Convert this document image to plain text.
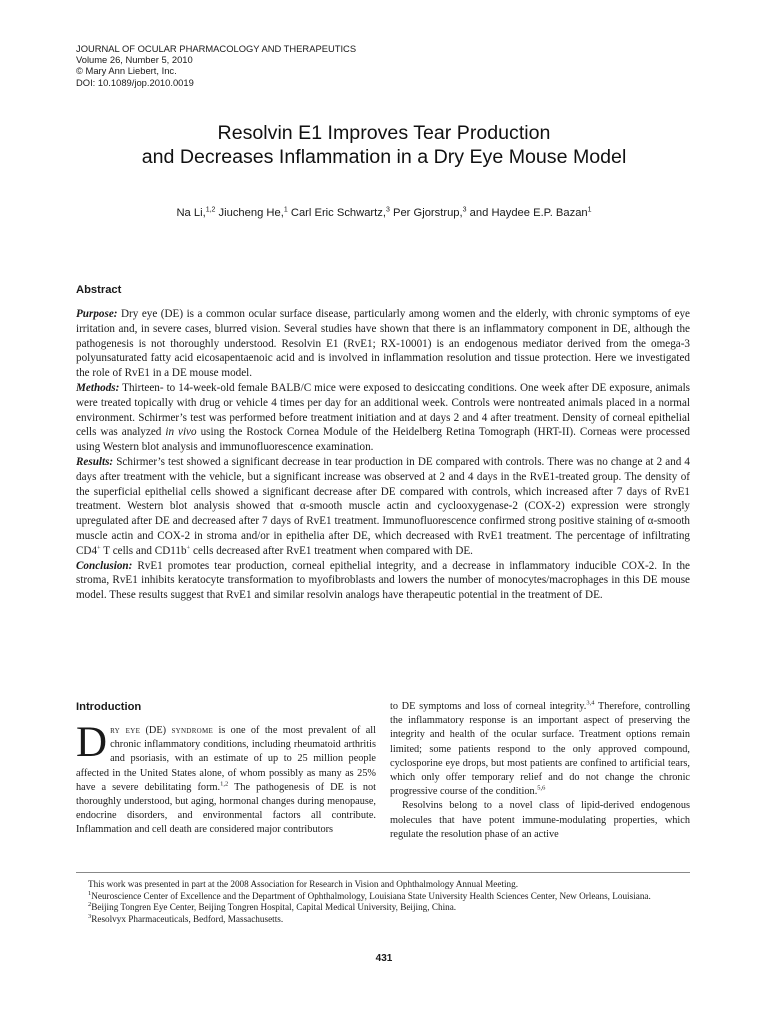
JOURNAL OF OCULAR PHARMACOLOGY AND THERAPEUTICS
Volume 26, Number 5, 2010
© Mary Ann Liebert, Inc.
DOI: 10.1089/jop.2010.0019
Resolvin E1 Improves Tear Production
and Decreases Inflammation in a Dry Eye Mouse Model
Na Li,$^{1,2}$ Jiucheng He,$^1$ Carl Eric Schwartz,$^3$ Per Gjorstrup,$^3$ and Haydee E.P. Bazan$^1$
Abstract

Purpose: Dry eye (DE) is a common ocular surface disease, particularly among women and the elderly, with chronic symptoms of eye irritation and, in severe cases, blurred vision. Several studies have shown that there is an inflammatory component in DE, although the pathogenesis is not thoroughly understood. Resolvin E1 (RvE1; RX-10001) is an endogenous mediator derived from the omega-3 polyunsaturated fatty acid eicosapentaenoic acid and is involved in inflammation resolution and tissue protection. Here we investigated the role of RvE1 in a DE mouse model.

Methods: Thirteen- to 14-week-old female BALB/C mice were exposed to desiccating conditions. One week after DE exposure, animals were treated topically with drug or vehicle 4 times per day for an additional week. Controls were nontreated animals placed in a normal environment. Schirmer’s test was performed before treatment initiation and at days 2 and 4 after treatment. Density of corneal epithelial cells was analyzed in vivo using the Rostock Cornea Module of the Heidelberg Retina Tomograph (HRT-II). Corneas were processed using Western blot analysis and immunofluorescence examination.

Results: Schirmer’s test showed a significant decrease in tear production in DE compared with controls. There was no change at 2 and 4 days after treatment with the vehicle, but a significant increase was observed at 2 and 4 days in the RvE1-treated group. The density of the superficial epithelial cells showed a significant decrease after DE compared with controls, which increased after 7 days of RvE1 treatment. Western blot analysis showed that α-smooth muscle actin and cyclooxygenase-2 (COX-2) expression were strongly upregulated after DE and decreased after 7 days of RvE1 treatment. Immunofluorescence confirmed strong positive staining of α-smooth muscle actin and COX-2 in stroma and/or in epithelia after DE, which decreased with RvE1 treatment. The percentage of infiltrating CD4+ T cells and CD11b+ cells decreased after RvE1 treatment when compared with DE.

Conclusion: RvE1 promotes tear production, corneal epithelial integrity, and a decrease in inflammatory inducible COX-2. In the stroma, RvE1 inhibits keratocyte transformation to myofibroblasts and lowers the number of monocytes/macrophages in this DE mouse model. These results suggest that RvE1 and similar resolvin analogs have therapeutic potential in the treatment of DE.

Introduction

Dry eye (DE) syndrome is one of the most prevalent of all chronic inflammatory conditions, including rheumatoid arthritis and psoriasis, with an estimate of up to 25 million people affected in the United States alone, of whom possibly as many as 25% have a severe debilitating form.$^{1,2}$ The pathogenesis of DE is not thoroughly understood, but aging, hormonal changes during menopause, endocrine disorders, and environmental factors all contribute. Inflammation and cell death are considered major contributors

to DE symptoms and loss of corneal integrity.$^{3,4}$ Therefore, controlling the inflammatory response is an important aspect of preserving the integrity and health of the ocular surface. Treatment options remain limited; some patients respond to the only approved compound, cyclosporine eye drops, but most patients are confined to artificial tears, which only offer temporary relief and do not change the chronic progressive course of the condition.$^{5,6}$

Resolvins belong to a novel class of lipid-derived endogenous molecules that have potent immune-modulating properties, which regulate the resolution phase of an active

This work was presented in part at the 2008 Association for Research in Vision and Ophthalmology Annual Meeting.

$^1$Neuroscience Center of Excellence and the Department of Ophthalmology, Louisiana State University Health Sciences Center, New Orleans, Louisiana.

$^2$Beijing Tongren Eye Center, Beijing Tongren Hospital, Capital Medical University, Beijing, China.

$^3$Resolvyx Pharmaceuticals, Bedford, Massachusetts.

431
